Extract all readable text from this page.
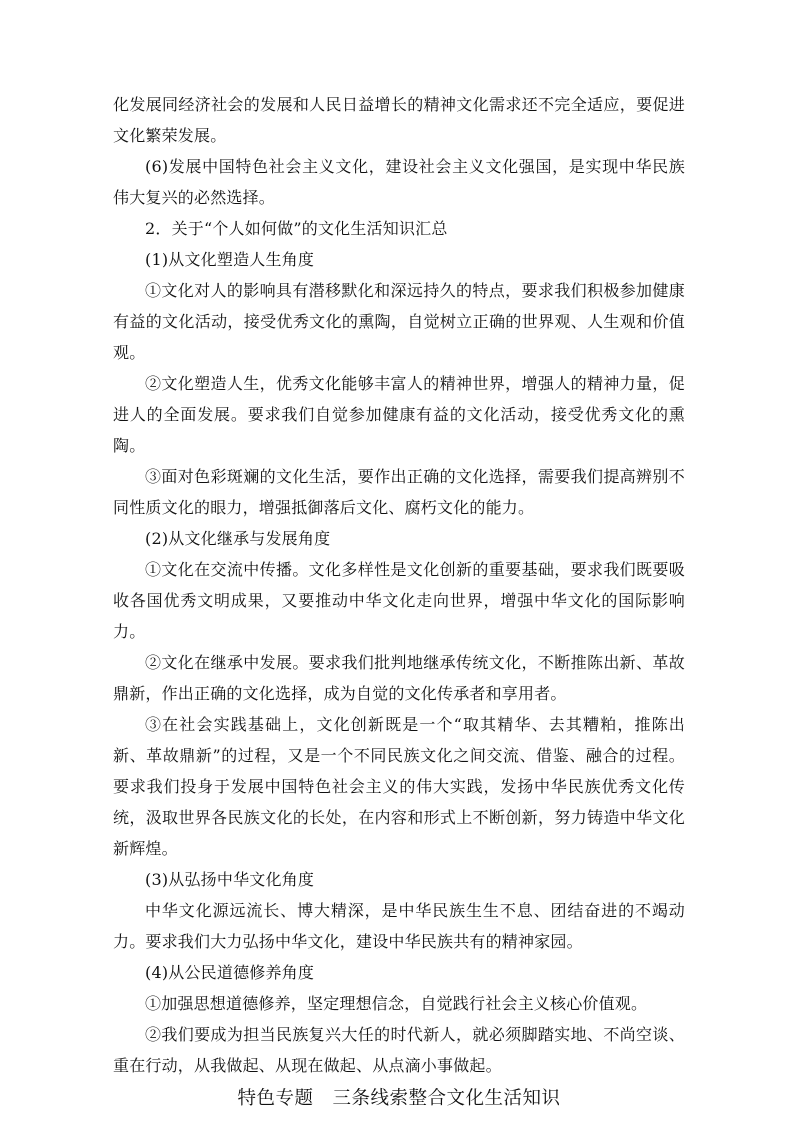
化发展同经济社会的发展和人民日益增长的精神文化需求还不完全适应，要促进文化繁荣发展。

(6)发展中国特色社会主义文化，建设社会主义文化强国，是实现中华民族伟大复兴的必然选择。

2．关于“个人如何做”的文化生活知识汇总

(1)从文化塑造人生角度

①文化对人的影响具有潜移默化和深远持久的特点，要求我们积极参加健康有益的文化活动，接受优秀文化的熏陶，自觉树立正确的世界观、人生观和价值观。

②文化塑造人生，优秀文化能够丰富人的精神世界，增强人的精神力量，促进人的全面发展。要求我们自觉参加健康有益的文化活动，接受优秀文化的熏陶。

③面对色彩斑斓的文化生活，要作出正确的文化选择，需要我们提高辨别不同性质文化的眼力，增强抵御落后文化、腐朽文化的能力。

(2)从文化继承与发展角度

①文化在交流中传播。文化多样性是文化创新的重要基础，要求我们既要吸收各国优秀文明成果，又要推动中华文化走向世界，增强中华文化的国际影响力。

②文化在继承中发展。要求我们批判地继承传统文化，不断推陈出新、革故鼎新，作出正确的文化选择，成为自觉的文化传承者和享用者。

③在社会实践基础上，文化创新既是一个“取其精华、去其糟粕，推陈出新、革故鼎新”的过程，又是一个不同民族文化之间交流、借鉴、融合的过程。要求我们投身于发展中国特色社会主义的伟大实践，发扬中华民族优秀文化传统，汲取世界各民族文化的长处，在内容和形式上不断创新，努力铸造中华文化新辉煌。

(3)从弘扬中华文化角度

中华文化源远流长、博大精深，是中华民族生生不息、团结奋进的不竭动力。要求我们大力弘扬中华文化，建设中华民族共有的精神家园。

(4)从公民道德修养角度

①加强思想道德修养，坚定理想信念，自觉践行社会主义核心价值观。

②我们要成为担当民族复兴大任的时代新人，就必须脚踏实地、不尚空谈、重在行动，从我做起、从现在做起、从点滴小事做起。

特色专题　三条线索整合文化生活知识
